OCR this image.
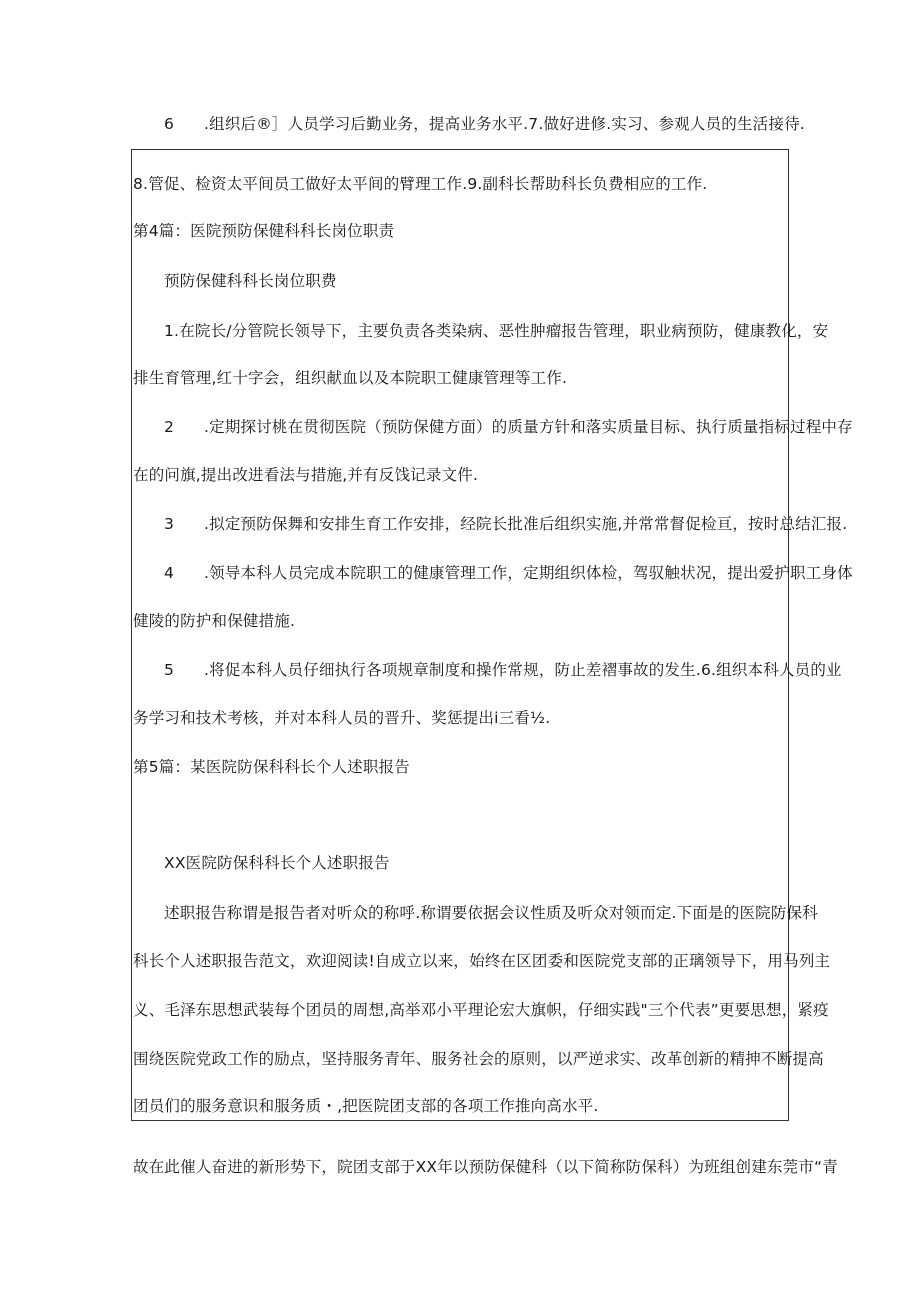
6 .组织后®］人员学习后勤业务，提高业务水平.7.做好进修.实习、参观人员的生活接待.
8.管促、检资太平间员工做好太平间的臂理工作.9.副科长帮助科长负费相应的工作.
第4篇：医院预防保健科科长岗位职责
预防保健科科长岗位职费
1.在院长/分管院长领导下，主要负责各类染病、恶性肿瘤报告管理，职业病预防，健康教化，安
排生育管理,红十字会，组织献血以及本院职工健康管理等工作.
2 .定期探讨桃在贯彻医院（预防保健方面）的质量方针和落实质量目标、执行质量指标过程中存
在的问旗,提出改进看法与措施,并有反饯记录文件.
3 .拟定预防保舞和安排生育工作安排，经院长批准后组织实施,并常常督促检亘，按时总结汇报.
4 .领导本科人员完成本院职工的健康管理工作，定期组织体检，驾驭触状况，提出爱护职工身体
健陵的防护和保健措施.
5 .将促本科人员仔细执行各项规章制度和操作常规，防止差褶事故的发生.6.组织本科人员的业
务学习和技术考核，并对本科人员的晋升、奖惩提出i三看½.
第5篇：某医院防保科科长个人述职报告
XX医院防保科科长个人述职报告
述职报告称谓是报告者对听众的称呼.称谓要依据会议性质及听众对领而定.下面是的医院防保科
科长个人述职报告范文，欢迎阅读!自成立以来，始终在区团委和医院党支部的正璃领导下，用马列主
义、毛泽东思想武装每个团员的周想,高举邓小平理论宏大旗帜，仔细实践"三个代表”更要思想，紧疫
围绕医院党政工作的励点，坚持服务青年、服务社会的原则，以严逆求实、改革创新的精抻不断提高
团员们的服务意识和服务质・,把医院团支部的各项工作推向高水平.
故在此催人奋进的新形势下，院团支部于XX年以预防保健科（以下简称防保科）为班组创建东莞市“青
